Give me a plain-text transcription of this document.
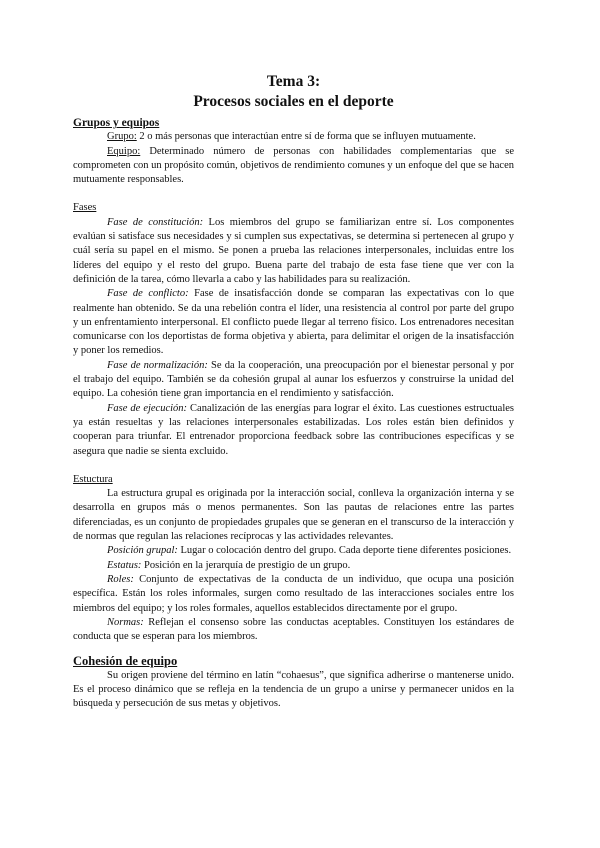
Tema 3:
Procesos sociales en el deporte

Grupos y equipos

Grupo: 2 o más personas que interactúan entre sí de forma que se influyen mutuamente.

Equipo: Determinado número de personas con habilidades complementarias que se comprometen con un propósito común, objetivos de rendimiento comunes y un enfoque del que se hacen mutuamente responsables.

Fases

Fase de constitución: Los miembros del grupo se familiarizan entre sí. Los componentes evalúan si satisface sus necesidades y si cumplen sus expectativas, se determina si pertenecen al grupo y cuál sería su papel en el mismo. Se ponen a prueba las relaciones interpersonales, incluidas entre los líderes del equipo y el resto del grupo. Buena parte del trabajo de esta fase tiene que ver con la definición de la tarea, cómo llevarla a cabo y las habilidades para su realización.

Fase de conflicto: Fase de insatisfacción donde se comparan las expectativas con lo que realmente han obtenido. Se da una rebelión contra el líder, una resistencia al control por parte del grupo y un enfrentamiento interpersonal. El conflicto puede llegar al terreno físico. Los entrenadores necesitan comunicarse con los deportistas de forma objetiva y abierta, para delimitar el origen de la insatisfacción y poner los remedios.

Fase de normalización: Se da la cooperación, una preocupación por el bienestar personal y por el trabajo del equipo. También se da cohesión grupal al aunar los esfuerzos y construirse la unidad del equipo. La cohesión tiene gran importancia en el rendimiento y satisfacción.

Fase de ejecución: Canalización de las energías para lograr el éxito. Las cuestiones estructuales ya están resueltas y las relaciones interpersonales estabilizadas. Los roles están bien definidos y cooperan para triunfar. El entrenador proporciona feedback sobre las contribuciones específicas y se asegura que nadie se sienta excluido.

Estuctura

La estructura grupal es originada por la interacción social, conlleva la organización interna y se desarrolla en grupos más o menos permanentes. Son las pautas de relaciones entre las partes diferenciadas, es un conjunto de propiedades grupales que se generan en el transcurso de la interacción y de normas que regulan las relaciones recíprocas y las actividades relevantes.

Posición grupal: Lugar o colocación dentro del grupo. Cada deporte tiene diferentes posiciones.

Estatus: Posición en la jerarquía de prestigio de un grupo.

Roles: Conjunto de expectativas de la conducta de un individuo, que ocupa una posición específica. Están los roles informales, surgen como resultado de las interacciones sociales entre los miembros del equipo; y los roles formales, aquellos establecidos directamente por el grupo.

Normas: Reflejan el consenso sobre las conductas aceptables. Constituyen los estándares de conducta que se esperan para los miembros.

Cohesión de equipo

Su origen proviene del término en latín “cohaesus”, que significa adherirse o mantenerse unido. Es el proceso dinámico que se refleja en la tendencia de un grupo a unirse y permanecer unidos en la búsqueda y persecución de sus metas y objetivos.
